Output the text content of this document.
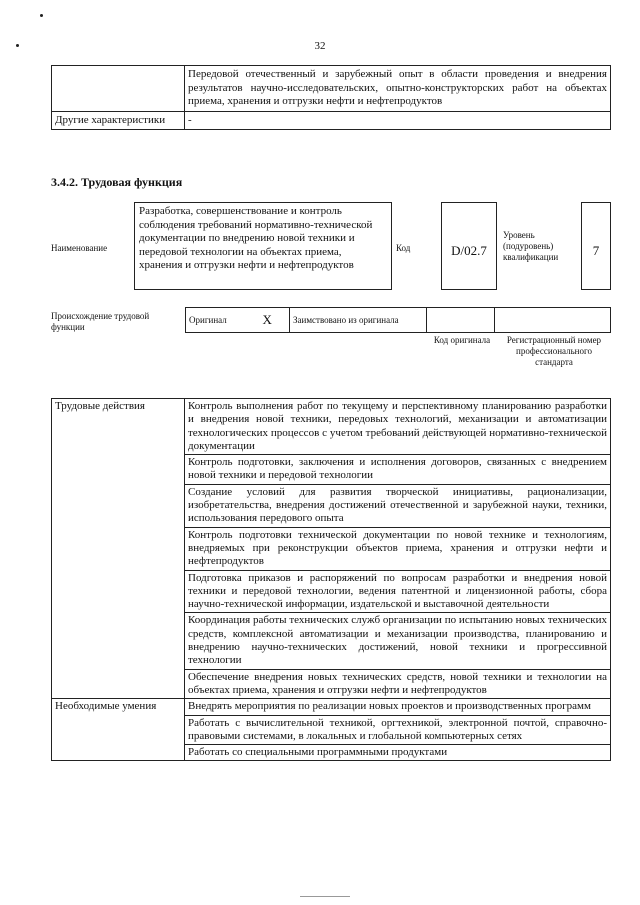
32
	Передовой отечественный и зарубежный опыт в области проведения и внедрения результатов научно-исследовательских, опытно-конструкторских работ на объектах приема, хранения и отгрузки нефти и нефтепродуктов
Другие характеристики	-
3.4.2. Трудовая функция
Наименование
Разработка, совершенствование и контроль соблюдения требований нормативно-технической документации по внедрению новой техники и передовой технологии на объектах приема, хранения и отгрузки нефти и нефтепродуктов
Код	D/02.7
Уровень (подуровень) квалификации	7
Происхождение трудовой функции
Оригинал	X	Заимствовано из оригинала		
Код оригинала	Регистрационный номер профессионального стандарта
Трудовые действия	Контроль выполнения работ по текущему и перспективному планированию разработки и внедрения новой техники, передовых технологий, механизации и автоматизации технологических процессов с учетом требований действующей нормативно-технической документации
	Контроль подготовки, заключения и исполнения договоров, связанных с внедрением новой техники и передовой технологии
	Создание условий для развития творческой инициативы, рационализации, изобретательства, внедрения достижений отечественной и зарубежной науки, техники, использования передового опыта
	Контроль подготовки технической документации по новой технике и технологиям, внедряемых при реконструкции объектов приема, хранения и отгрузки нефти и нефтепродуктов
	Подготовка приказов и распоряжений по вопросам разработки и внедрения новой техники и передовой технологии, ведения патентной и лицензионной работы, сбора научно-технической информации, издательской и выставочной деятельности
	Координация работы технических служб организации по испытанию новых технических средств, комплексной автоматизации и механизации производства, планированию и внедрению научно-технических достижений, новой техники и прогрессивной технологии
	Обеспечение внедрения новых технических средств, новой техники и технологии на объектах приема, хранения и отгрузки нефти и нефтепродуктов
Необходимые умения	Внедрять мероприятия по реализации новых проектов и производственных программ
	Работать с вычислительной техникой, оргтехникой, электронной почтой, справочно-правовыми системами, в локальных и глобальной компьютерных сетях
	Работать со специальными программными продуктами
